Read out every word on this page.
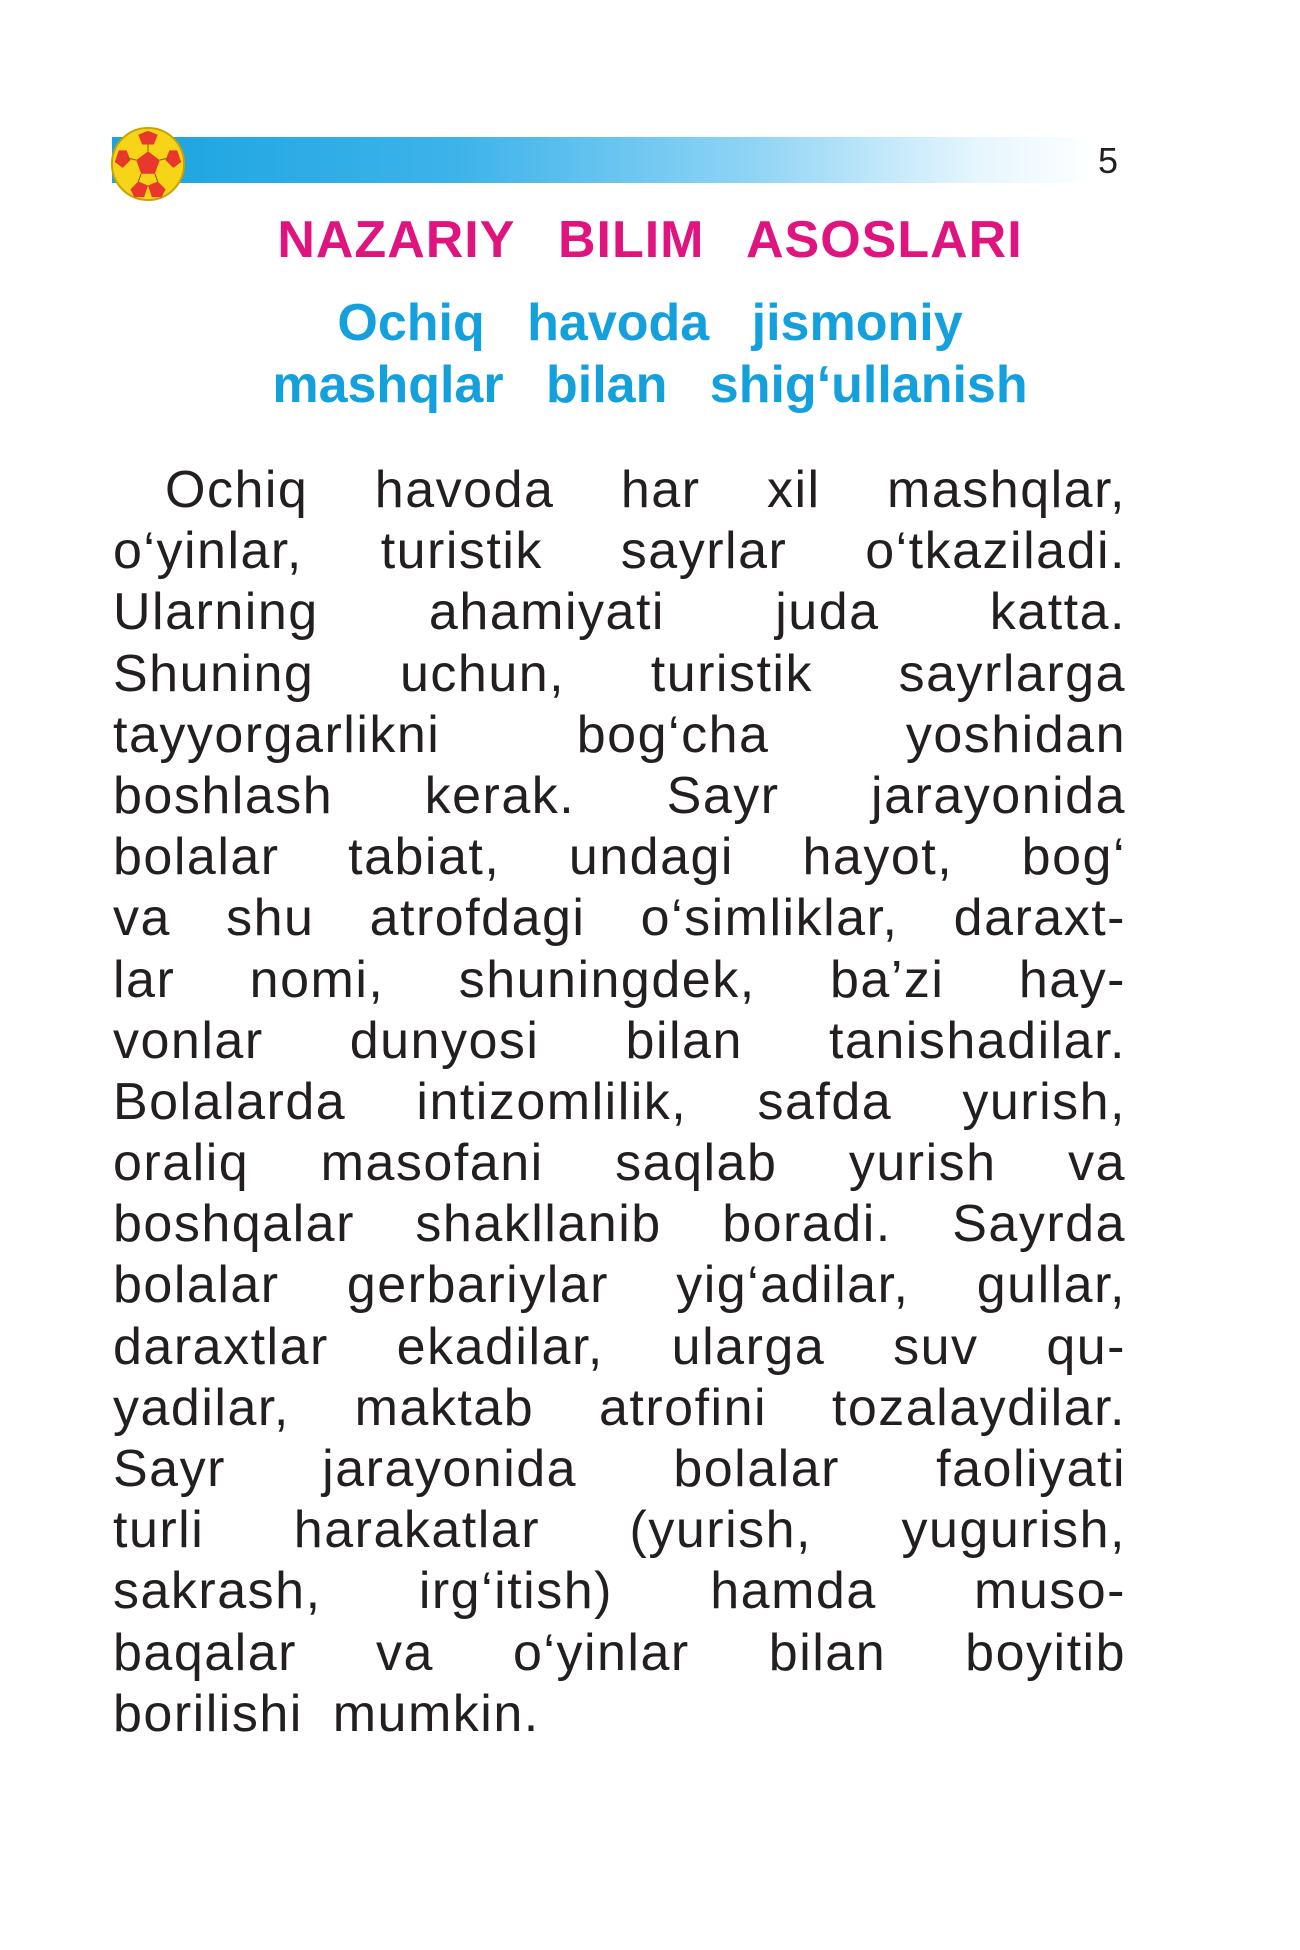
5
NAZARIY BILIM ASOSLARI
Ochiq havoda jismoniy
mashqlar bilan shig‘ullanish
Ochiq havoda har xil mashqlar,
o‘yinlar, turistik sayrlar o‘tkaziladi.
Ularning ahamiyati juda katta.
Shuning uchun, turistik sayrlarga
tayyorgarlikni bog‘cha yoshidan
boshlash kerak. Sayr jarayonida
bolalar tabiat, undagi hayot, bog‘
va shu atrofdagi o‘simliklar, daraxt-
lar nomi, shuningdek, ba’zi hay-
vonlar dunyosi bilan tanishadilar.
Bolalarda intizomlilik, safda yurish,
oraliq masofani saqlab yurish va
boshqalar shakllanib boradi. Sayrda
bolalar gerbariylar yig‘adilar, gullar,
daraxtlar ekadilar, ularga suv qu-
yadilar, maktab atrofini tozalaydilar.
Sayr jarayonida bolalar faoliyati
turli harakatlar (yurish, yugurish,
sakrash, irg‘itish) hamda muso-
baqalar va o‘yinlar bilan boyitib
borilishi mumkin.
